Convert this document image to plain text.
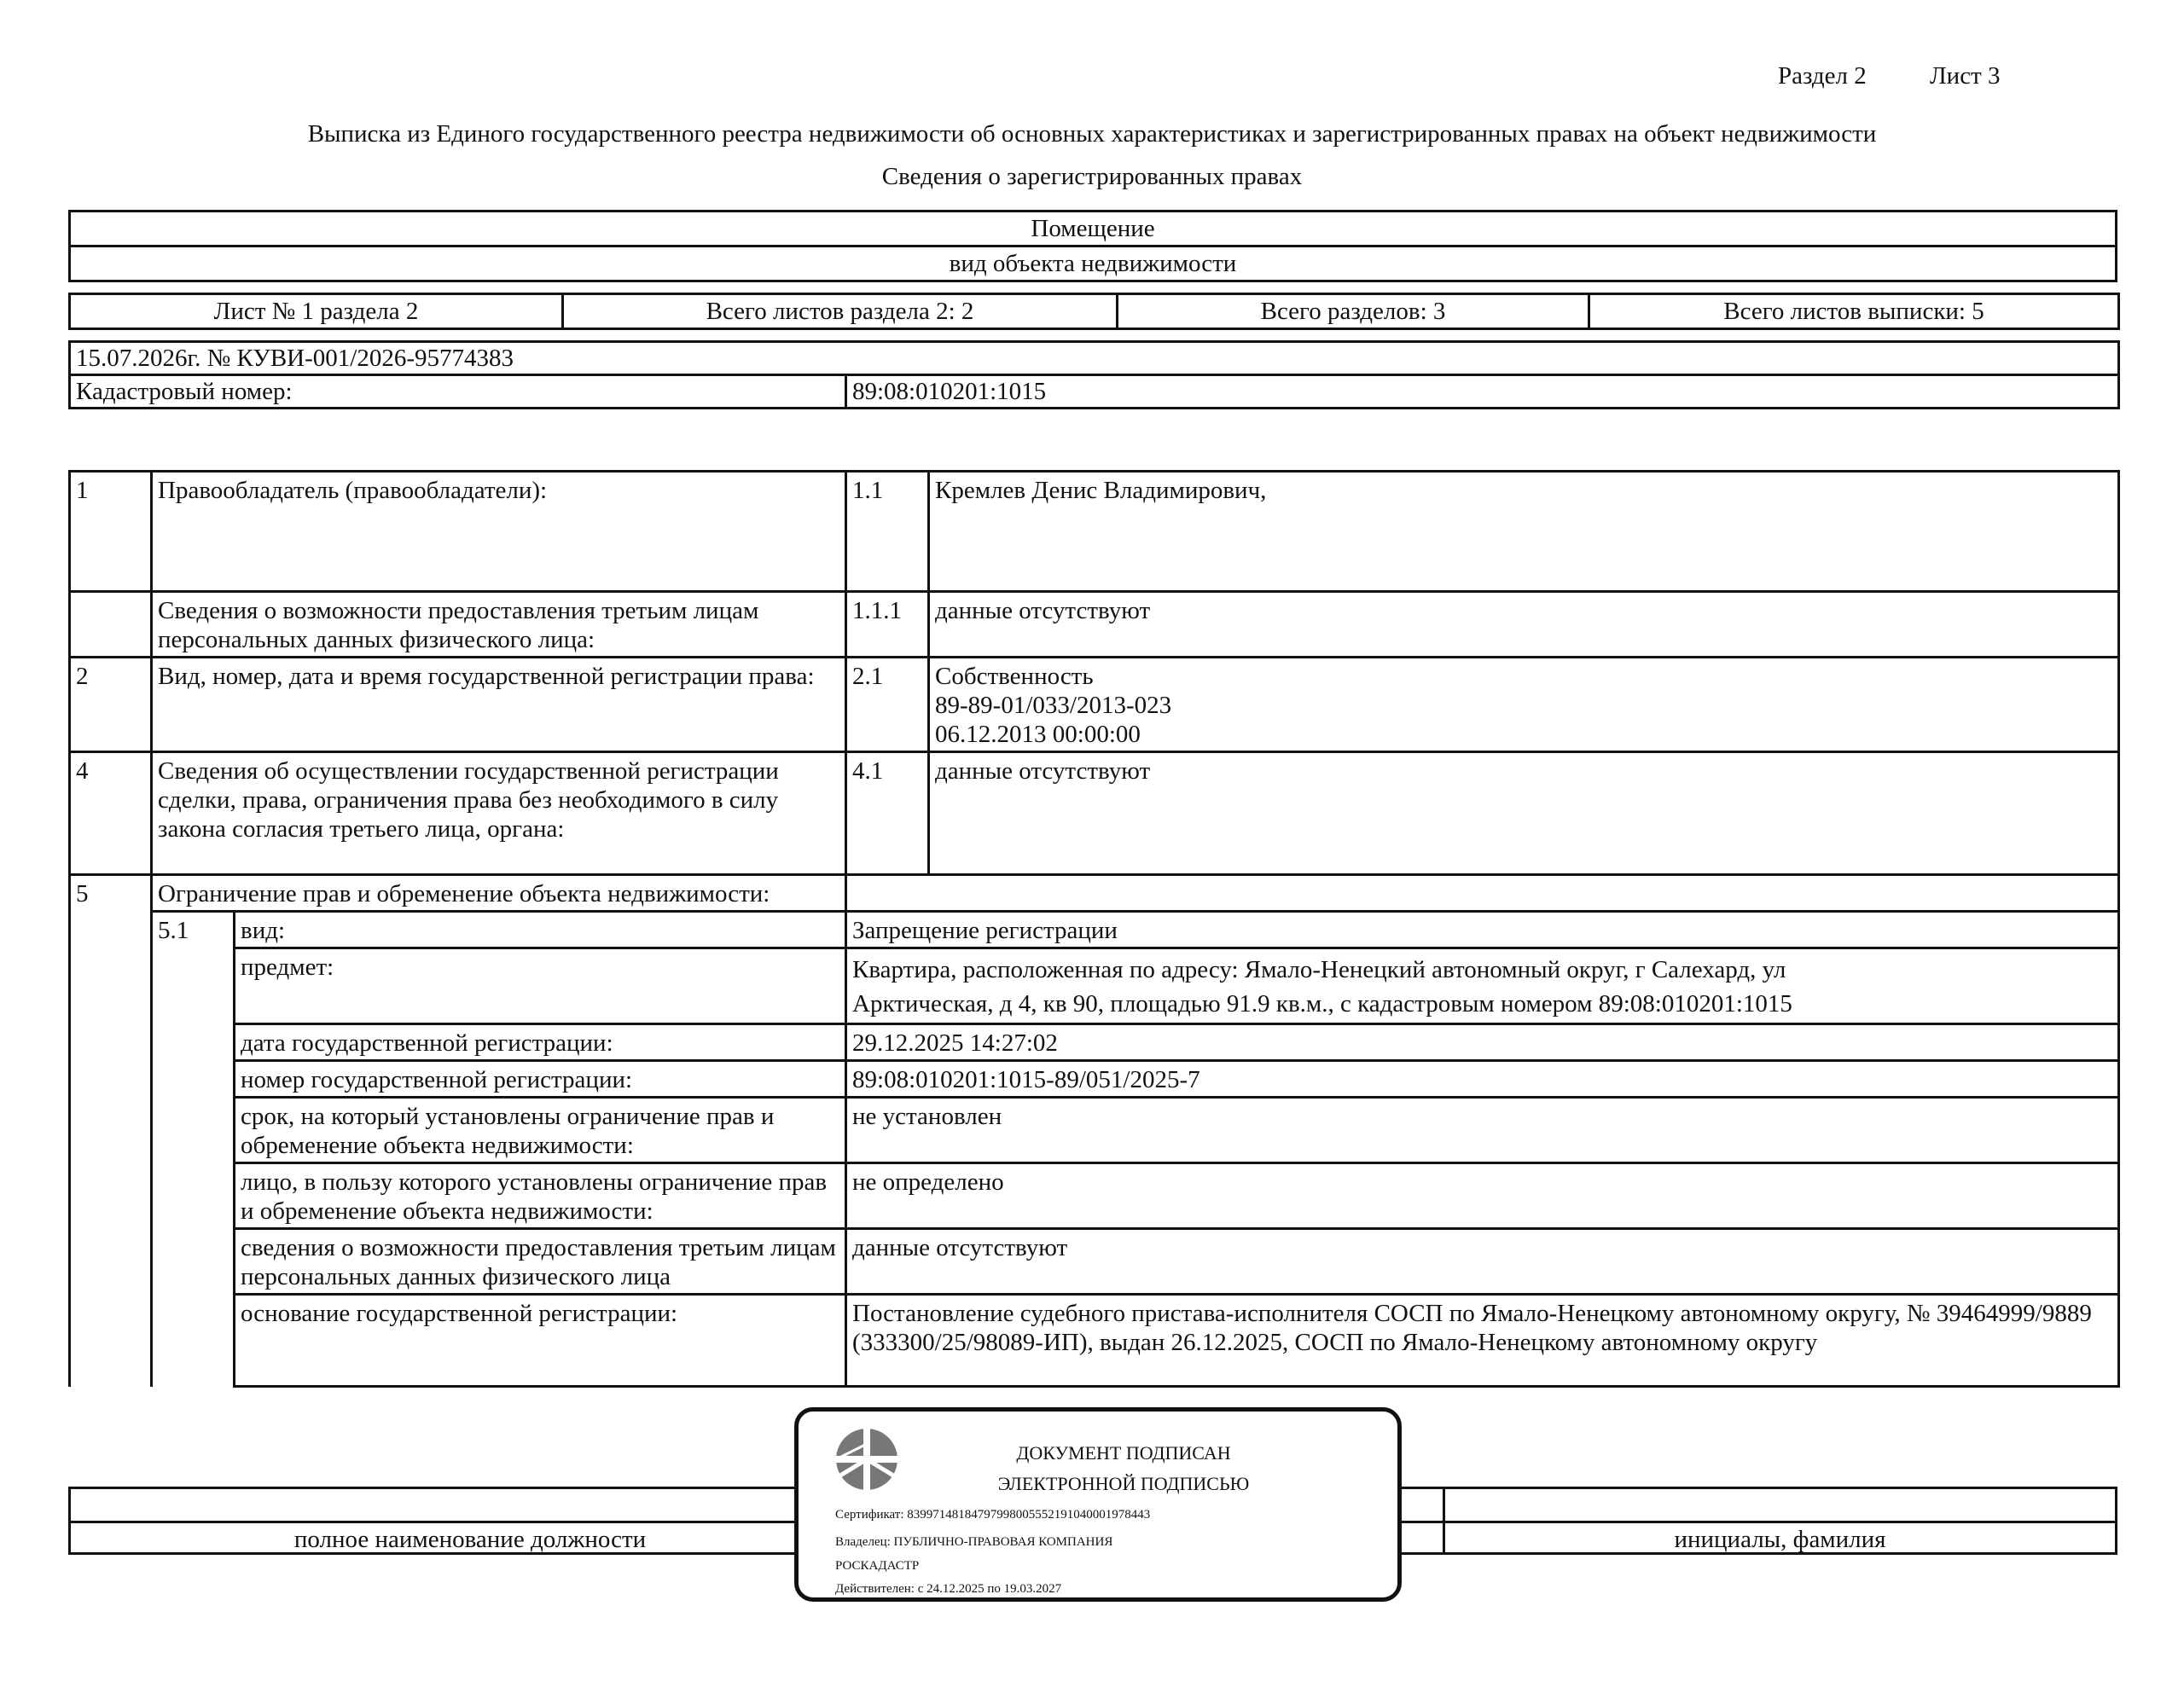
Раздел 2	Лист 3
Выписка из Единого государственного реестра недвижимости об основных характеристиках и зарегистрированных правах на объект недвижимости
Сведения о зарегистрированных правах
Помещение
вид объекта недвижимости
Лист № 1 раздела 2	Всего листов раздела 2: 2	Всего разделов: 3	Всего листов выписки: 5
15.07.2026г. № КУВИ-001/2026-95774383
Кадастровый номер:	89:08:010201:1015
1	Правообладатель (правообладатели):		1.1	Кремлев Денис Владимирович,
	Сведения о возможности предоставления третьим лицам персональных данных физического лица:		1.1.1	данные отсутствуют
2	Вид, номер, дата и время государственной регистрации права:		2.1	Собственность
89-89-01/033/2013-023
06.12.2013 00:00:00

4	Сведения об осуществлении государственной регистрации сделки, права, ограничения права без необходимого в силу закона согласия третьего лица, органа:		4.1	данные отсутствуют
5	Ограничение прав и обременение объекта недвижимости:			
	5.1	вид:	Запрещение регистрации	
		предмет:	Квартира, расположенная по адресу: Ямало-Ненецкий автономный округ, г Салехард, ул
Арктическая, д 4, кв 90, площадью 91.9 кв.м., с кадастровым номером 89:08:010201:1015	

		дата государственной регистрации:	29.12.2025 14:27:02	
		номер государственной регистрации:	89:08:010201:1015-89/051/2025-7	
		срок, на который установлены ограничение прав и обременение объекта недвижимости:	не установлен	
		лицо, в пользу которого установлены ограничение прав и обременение объекта недвижимости:	не определено	
		сведения о возможности предоставления третьим лицам персональных данных физического лица	данные отсутствуют	
		основание государственной регистрации:	Постановление судебного пристава-исполнителя СОСП по Ямало-Ненецкому автономному округу, № 39464999/9889 (333300/25/98089-ИП), выдан 26.12.2025, СОСП по Ямало-Ненецкому автономному округу	
полное наименование должности	инициалы, фамилия
ДОКУМЕНТ ПОДПИСАН
ЭЛЕКТРОННОЙ ПОДПИСЬЮ
Сертификат: 83997148184797998005552191040001978443
Владелец: ПУБЛИЧНО-ПРАВОВАЯ КОМПАНИЯ
РОСКАДАСТР
Действителен: с 24.12.2025 по 19.03.2027
